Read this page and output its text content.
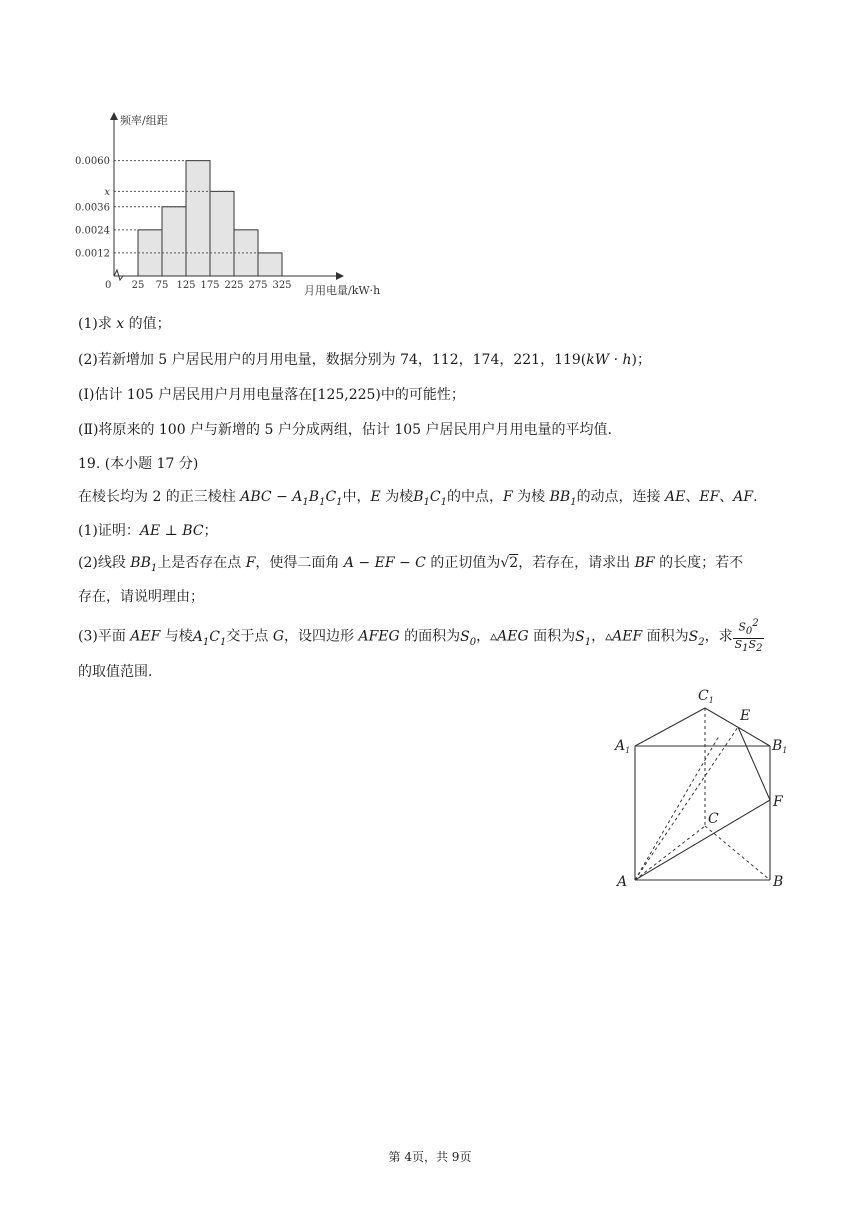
频率/组距
月用电量/kW·h
0 25 75 125 175 225 275 325
0.0060
x
0.0036
0.0024
0.0012
(1)求 x 的值；
(2)若新增加 5 户居民用户的月用电量，数据分别为 74，112，174，221，119(kW · h)；
(Ⅰ)估计 105 户居民用户月用电量落在[125,225)中的可能性；
(Ⅱ)将原来的 100 户与新增的 5 户分成两组，估计 105 户居民用户月用电量的平均值.
19. (本小题 17 分)
在棱长均为 2 的正三棱柱 ABC − $A_1B_1C_1$中，E 为棱$B_1C_1$的中点，F 为棱 $BB_1$的动点，连接 AE、EF、AF.
(1)证明：AE ⊥ BC；
(2)线段 $BB_1$上是否存在点 F，使得二面角 A − EF − C 的正切值为√2，若存在，请求出 BF 的长度；若不
存在，请说明理由；
(3)平面 AEF 与棱$A_1C_1$交于点 G，设四边形 AFEG 的面积为$S_0$，▵AEG 面积为$S_1$，▵AEF 面积为$S_2$，求 $\frac{S_0^2}{S_1S_2}$
的取值范围.
$C_1$
E
$A_1$	$B_1$
F
C
A	B
第 4页，共 9页
